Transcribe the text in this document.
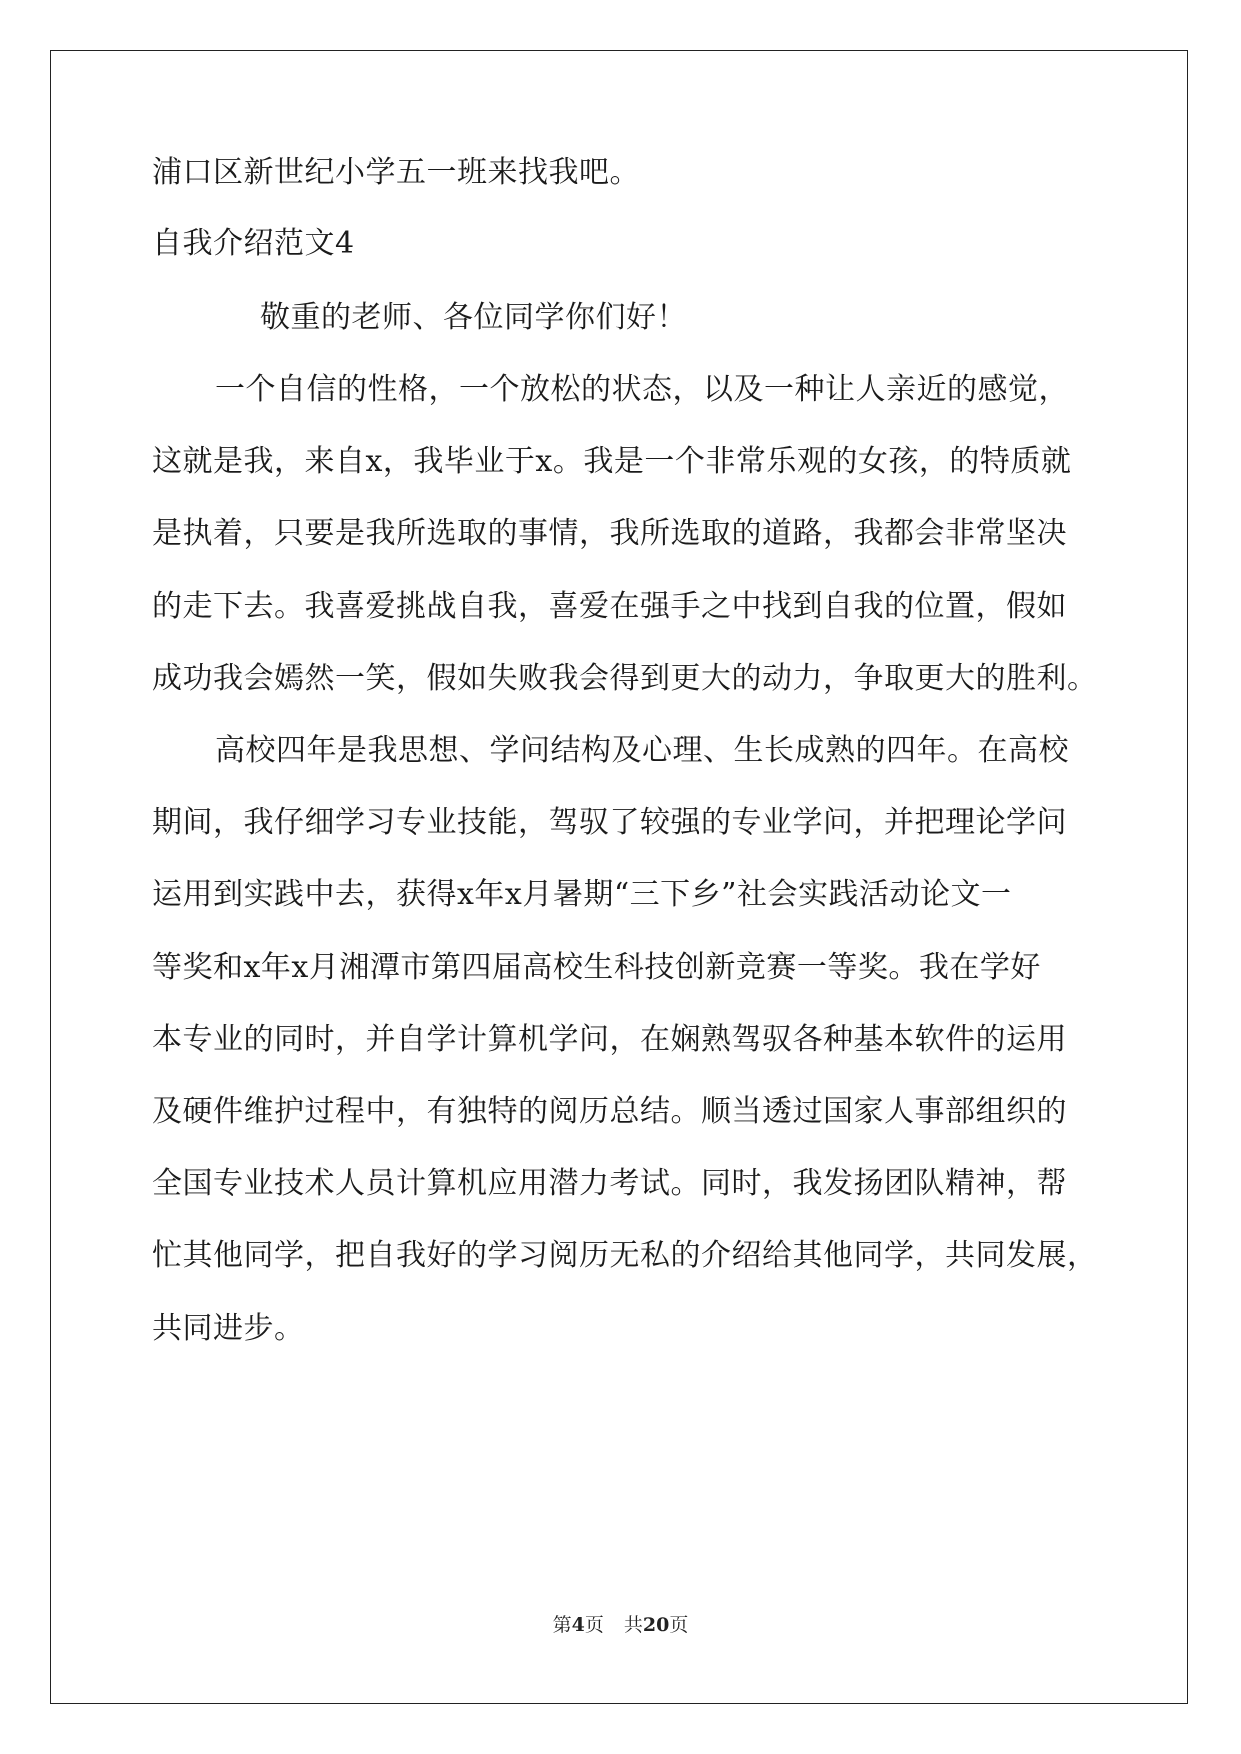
浦口区新世纪小学五一班来找我吧。
自我介绍范文4
敬重的老师、各位同学你们好！
一个自信的性格，一个放松的状态，以及一种让人亲近的感觉，
这就是我，来自x，我毕业于x。我是一个非常乐观的女孩，的特质就
是执着，只要是我所选取的事情，我所选取的道路，我都会非常坚决
的走下去。我喜爱挑战自我，喜爱在强手之中找到自我的位置，假如
成功我会嫣然一笑，假如失败我会得到更大的动力，争取更大的胜利。
高校四年是我思想、学问结构及心理、生长成熟的四年。在高校
期间，我仔细学习专业技能，驾驭了较强的专业学问，并把理论学问
运用到实践中去，获得x年x月暑期“三下乡”社会实践活动论文一
等奖和x年x月湘潭市第四届高校生科技创新竞赛一等奖。我在学好
本专业的同时，并自学计算机学问，在娴熟驾驭各种基本软件的运用
及硬件维护过程中，有独特的阅历总结。顺当透过国家人事部组织的
全国专业技术人员计算机应用潜力考试。同时，我发扬团队精神，帮
忙其他同学，把自我好的学习阅历无私的介绍给其他同学，共同发展，
共同进步。
第4页 共20页
